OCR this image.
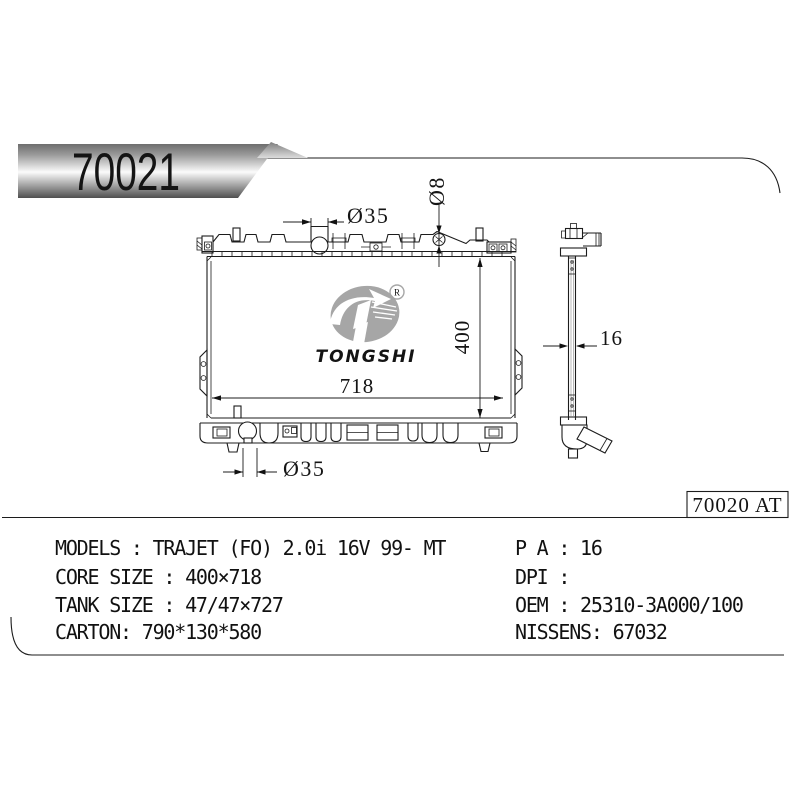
70020 AT
70021
Ø35
Ø8
400
718
Ø35
16
R
TONGSHI
MODELS : TRAJET (FO) 2.0i 16V 99- MT
CORE SIZE : 400×718
TANK SIZE : 47/47×727
CARTON: 790*130*580
P A : 16
DPI :
OEM : 25310-3A000/100
NISSENS: 67032
